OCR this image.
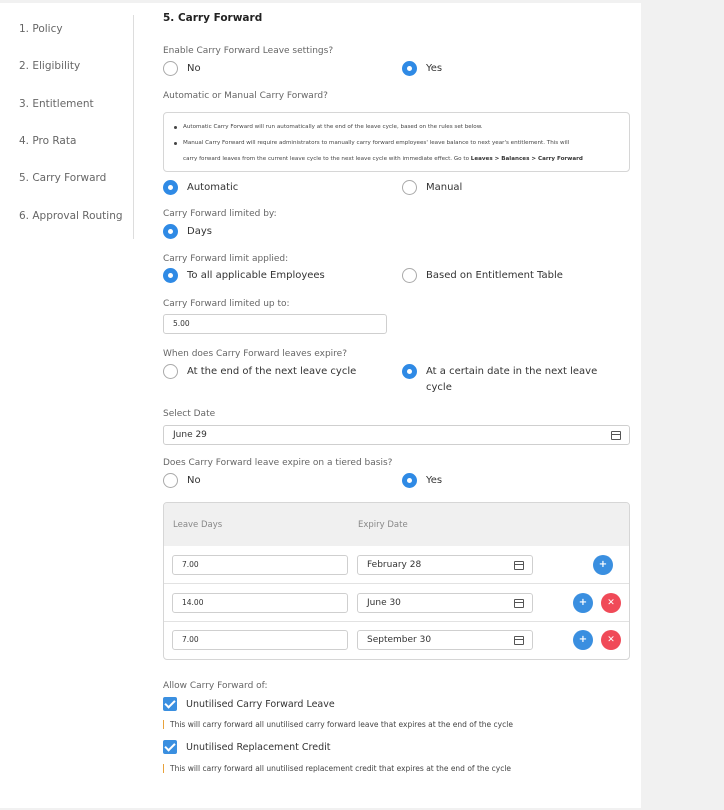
1. Policy
2. Eligibility
3. Entitlement
4. Pro Rata
5. Carry Forward
6. Approval Routing
5. Carry Forward
Enable Carry Forward Leave settings?
No	Yes
Automatic or Manual Carry Forward?
Automatic Carry Forward will run automatically at the end of the leave cycle, based on the rules set below.
Manual Carry Forward will require administrators to manually carry forward employees' leave balance to next year's entitlement. This will
carry forward leaves from the current leave cycle to the next leave cycle with immediate effect. Go to Leaves > Balances > Carry Forward
Automatic	Manual
Carry Forward limited by:
Days
Carry Forward limit applied:
To all applicable Employees	Based on Entitlement Table
Carry Forward limited up to:
5.00
When does Carry Forward leaves expire?
At the end of the next leave cycle	At a certain date in the next leave
cycle
Select Date
June 29
Does Carry Forward leave expire on a tiered basis?
No	Yes
Leave Days	Expiry Date
7.00	February 28	+
14.00	June 30	+	✕
7.00	September 30	+	✕
Allow Carry Forward of:
Unutilised Carry Forward Leave
This will carry forward all unutilised carry forward leave that expires at the end of the cycle
Unutilised Replacement Credit
This will carry forward all unutilised replacement credit that expires at the end of the cycle
